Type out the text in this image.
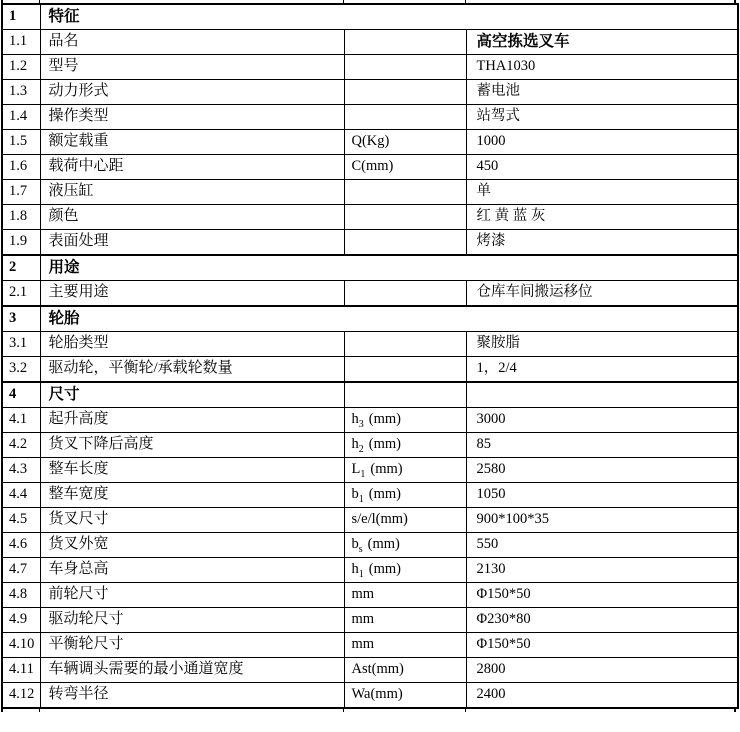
1	特征		
1.1	品名		高空拣选叉车
1.2	型号		THA1030
1.3	动力形式		蓄电池
1.4	操作类型		站驾式
1.5	额定载重	Q(Kg)	1000
1.6	载荷中心距	C(mm)	450
1.7	液压缸		单
1.8	颜色		红 黄 蓝 灰
1.9	表面处理		烤漆
2	用途		
2.1	主要用途		仓库车间搬运移位
3	轮胎		
3.1	轮胎类型		聚胺脂
3.2	驱动轮，平衡轮/承载轮数量		1，2/4
4	尺寸		
4.1	起升高度	$h_3$ (mm)	3000
4.2	货叉下降后高度	$h_2$ (mm)	85
4.3	整车长度	$L_1$ (mm)	2580
4.4	整车宽度	$b_1$ (mm)	1050
4.5	货叉尺寸	s/e/l(mm)	900*100*35
4.6	货叉外宽	$b_s$ (mm)	550
4.7	车身总高	$h_1$ (mm)	2130
4.8	前轮尺寸	mm	Φ150*50
4.9	驱动轮尺寸	mm	Φ230*80
4.10	平衡轮尺寸	mm	Φ150*50
4.11	车辆调头需要的最小通道宽度	Ast(mm)	2800
4.12	转弯半径	Wa(mm)	2400
